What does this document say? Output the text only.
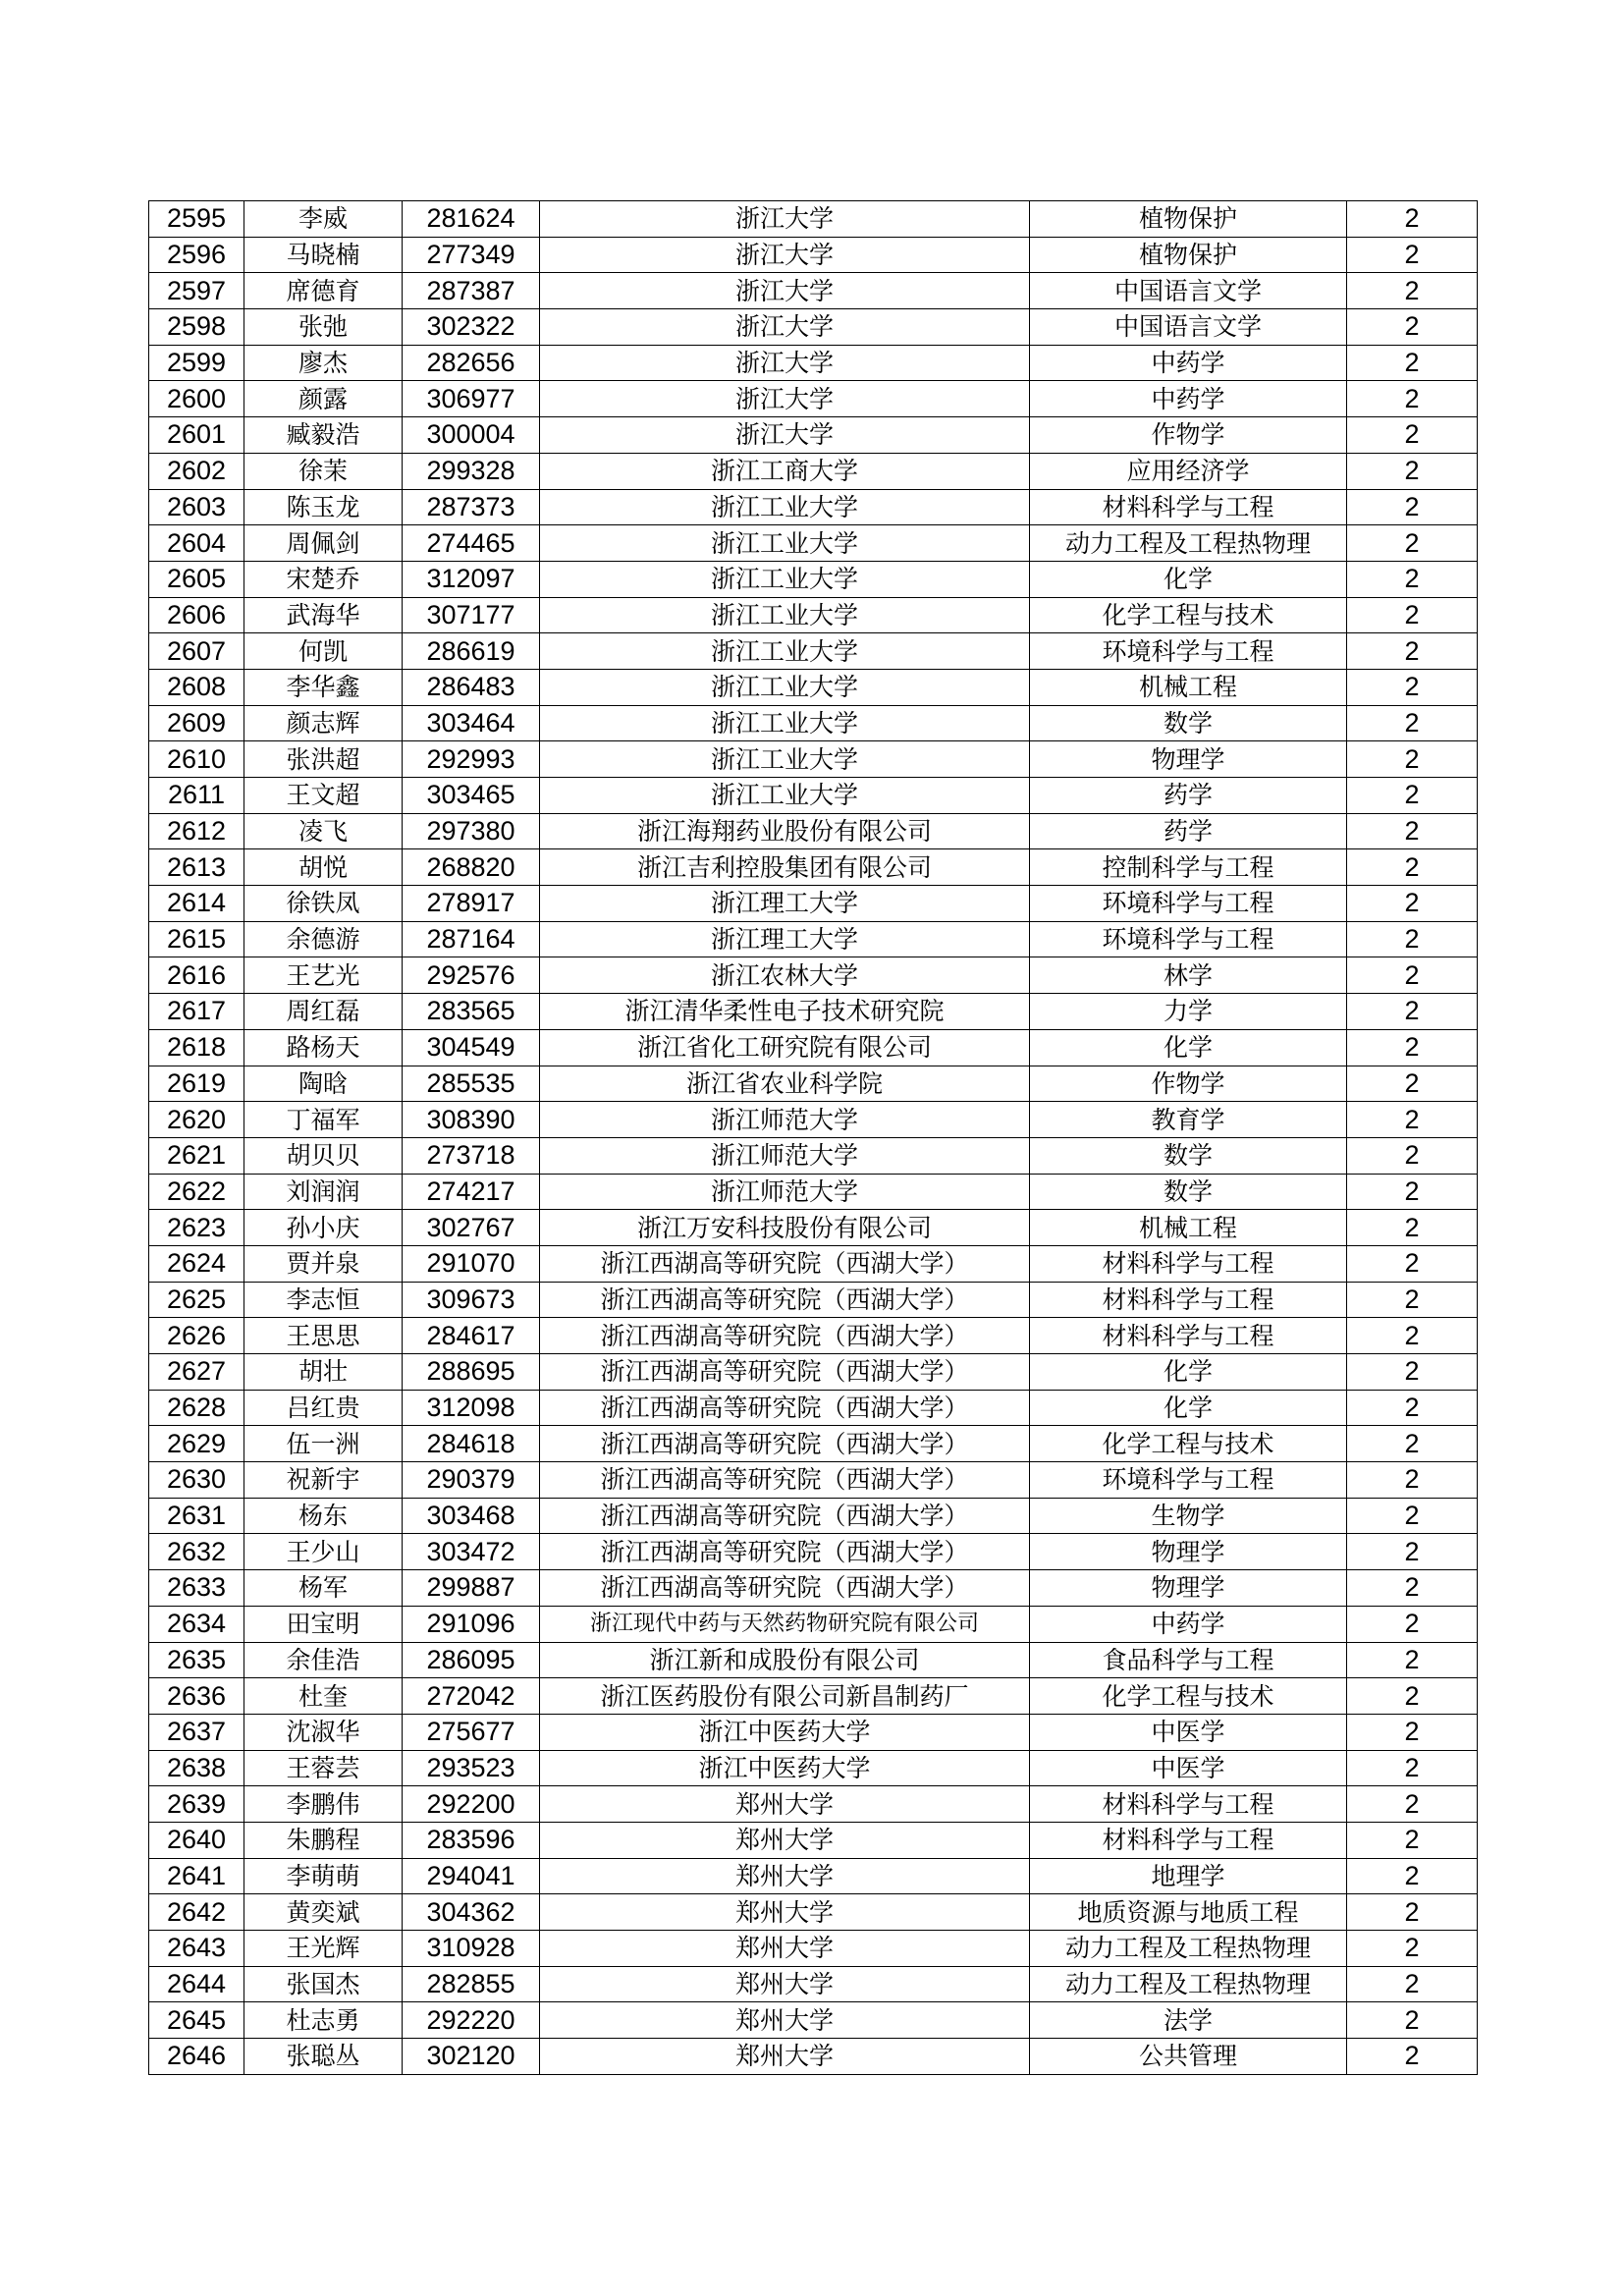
2595	李威	281624	浙江大学	植物保护	2
2596	马晓楠	277349	浙江大学	植物保护	2
2597	席德育	287387	浙江大学	中国语言文学	2
2598	张弛	302322	浙江大学	中国语言文学	2
2599	廖杰	282656	浙江大学	中药学	2
2600	颜露	306977	浙江大学	中药学	2
2601	臧毅浩	300004	浙江大学	作物学	2
2602	徐茉	299328	浙江工商大学	应用经济学	2
2603	陈玉龙	287373	浙江工业大学	材料科学与工程	2
2604	周佩剑	274465	浙江工业大学	动力工程及工程热物理	2
2605	宋楚乔	312097	浙江工业大学	化学	2
2606	武海华	307177	浙江工业大学	化学工程与技术	2
2607	何凯	286619	浙江工业大学	环境科学与工程	2
2608	李华鑫	286483	浙江工业大学	机械工程	2
2609	颜志辉	303464	浙江工业大学	数学	2
2610	张洪超	292993	浙江工业大学	物理学	2
2611	王文超	303465	浙江工业大学	药学	2
2612	凌飞	297380	浙江海翔药业股份有限公司	药学	2
2613	胡悦	268820	浙江吉利控股集团有限公司	控制科学与工程	2
2614	徐铁凤	278917	浙江理工大学	环境科学与工程	2
2615	余德游	287164	浙江理工大学	环境科学与工程	2
2616	王艺光	292576	浙江农林大学	林学	2
2617	周红磊	283565	浙江清华柔性电子技术研究院	力学	2
2618	路杨天	304549	浙江省化工研究院有限公司	化学	2
2619	陶晗	285535	浙江省农业科学院	作物学	2
2620	丁福军	308390	浙江师范大学	教育学	2
2621	胡贝贝	273718	浙江师范大学	数学	2
2622	刘润润	274217	浙江师范大学	数学	2
2623	孙小庆	302767	浙江万安科技股份有限公司	机械工程	2
2624	贾并泉	291070	浙江西湖高等研究院（西湖大学）	材料科学与工程	2
2625	李志恒	309673	浙江西湖高等研究院（西湖大学）	材料科学与工程	2
2626	王思思	284617	浙江西湖高等研究院（西湖大学）	材料科学与工程	2
2627	胡壮	288695	浙江西湖高等研究院（西湖大学）	化学	2
2628	吕红贵	312098	浙江西湖高等研究院（西湖大学）	化学	2
2629	伍一洲	284618	浙江西湖高等研究院（西湖大学）	化学工程与技术	2
2630	祝新宇	290379	浙江西湖高等研究院（西湖大学）	环境科学与工程	2
2631	杨东	303468	浙江西湖高等研究院（西湖大学）	生物学	2
2632	王少山	303472	浙江西湖高等研究院（西湖大学）	物理学	2
2633	杨军	299887	浙江西湖高等研究院（西湖大学）	物理学	2
2634	田宝明	291096	浙江现代中药与天然药物研究院有限公司	中药学	2
2635	余佳浩	286095	浙江新和成股份有限公司	食品科学与工程	2
2636	杜奎	272042	浙江医药股份有限公司新昌制药厂	化学工程与技术	2
2637	沈淑华	275677	浙江中医药大学	中医学	2
2638	王蓉芸	293523	浙江中医药大学	中医学	2
2639	李鹏伟	292200	郑州大学	材料科学与工程	2
2640	朱鹏程	283596	郑州大学	材料科学与工程	2
2641	李萌萌	294041	郑州大学	地理学	2
2642	黄奕斌	304362	郑州大学	地质资源与地质工程	2
2643	王光辉	310928	郑州大学	动力工程及工程热物理	2
2644	张国杰	282855	郑州大学	动力工程及工程热物理	2
2645	杜志勇	292220	郑州大学	法学	2
2646	张聪丛	302120	郑州大学	公共管理	2
